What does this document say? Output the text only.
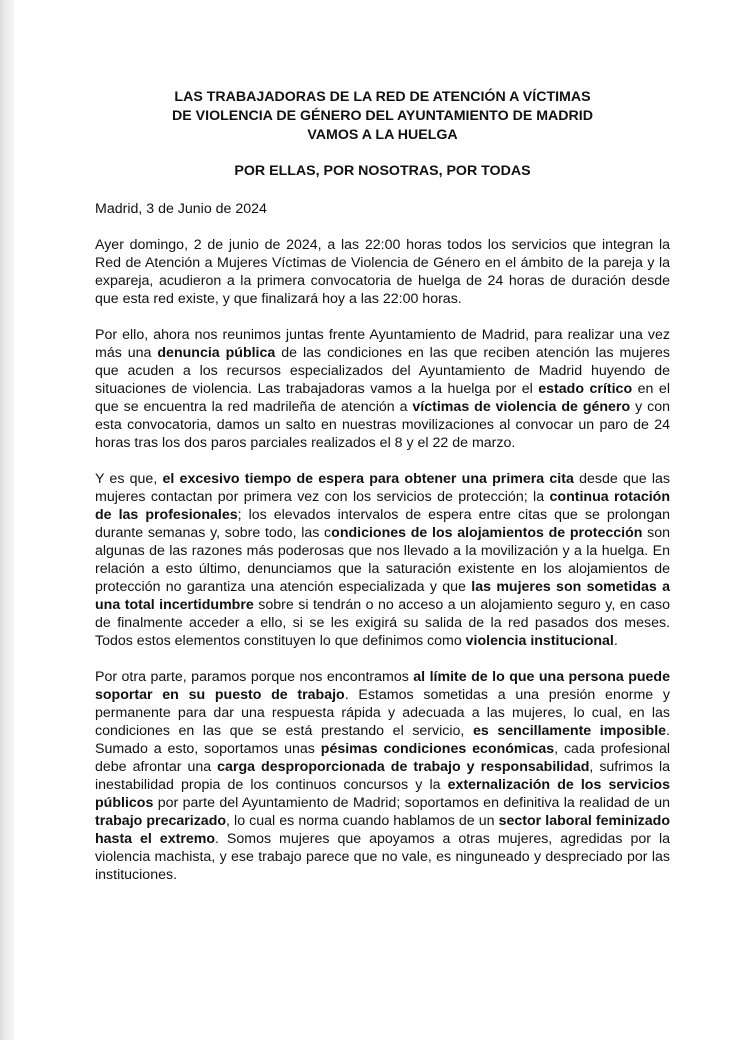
LAS TRABAJADORAS DE LA RED DE ATENCIÓN A VÍCTIMAS

DE VIOLENCIA DE GÉNERO DEL AYUNTAMIENTO DE MADRID

VAMOS A LA HUELGA

POR ELLAS, POR NOSOTRAS, POR TODAS
Madrid, 3 de Junio de 2024

Ayer domingo, 2 de junio de 2024, a las 22:00 horas todos los servicios que integran la Red de Atención a Mujeres Víctimas de Violencia de Género en el ámbito de la pareja y la expareja, acudieron a la primera convocatoria de huelga de 24 horas de duración desde que esta red existe, y que finalizará hoy a las 22:00 horas.

Por ello, ahora nos reunimos juntas frente Ayuntamiento de Madrid, para realizar una vez más una denuncia pública de las condiciones en las que reciben atención las mujeres que acuden a los recursos especializados del Ayuntamiento de Madrid huyendo de situaciones de violencia. Las trabajadoras vamos a la huelga por el estado crítico en el que se encuentra la red madrileña de atención a víctimas de violencia de género y con esta convocatoria, damos un salto en nuestras movilizaciones al convocar un paro de 24 horas tras los dos paros parciales realizados el 8 y el 22 de marzo.

Y es que, el excesivo tiempo de espera para obtener una primera cita desde que las mujeres contactan por primera vez con los servicios de protección; la continua rotación de las profesionales; los elevados intervalos de espera entre citas que se prolongan durante semanas y, sobre todo, las condiciones de los alojamientos de protección son algunas de las razones más poderosas que nos llevado a la movilización y a la huelga. En relación a esto último, denunciamos que la saturación existente en los alojamientos de protección no garantiza una atención especializada y que las mujeres son sometidas a una total incertidumbre sobre si tendrán o no acceso a un alojamiento seguro y, en caso de finalmente acceder a ello, si se les exigirá su salida de la red pasados dos meses. Todos estos elementos constituyen lo que definimos como violencia institucional.

Por otra parte, paramos porque nos encontramos al límite de lo que una persona puede soportar en su puesto de trabajo. Estamos sometidas a una presión enorme y permanente para dar una respuesta rápida y adecuada a las mujeres, lo cual, en las condiciones en las que se está prestando el servicio, es sencillamente imposible. Sumado a esto, soportamos unas pésimas condiciones económicas, cada profesional debe afrontar una carga desproporcionada de trabajo y responsabilidad, sufrimos la inestabilidad propia de los continuos concursos y la externalización de los servicios públicos por parte del Ayuntamiento de Madrid; soportamos en definitiva la realidad de un trabajo precarizado, lo cual es norma cuando hablamos de un sector laboral feminizado hasta el extremo. Somos mujeres que apoyamos a otras mujeres, agredidas por la violencia machista, y ese trabajo parece que no vale, es ninguneado y despreciado por las instituciones.
